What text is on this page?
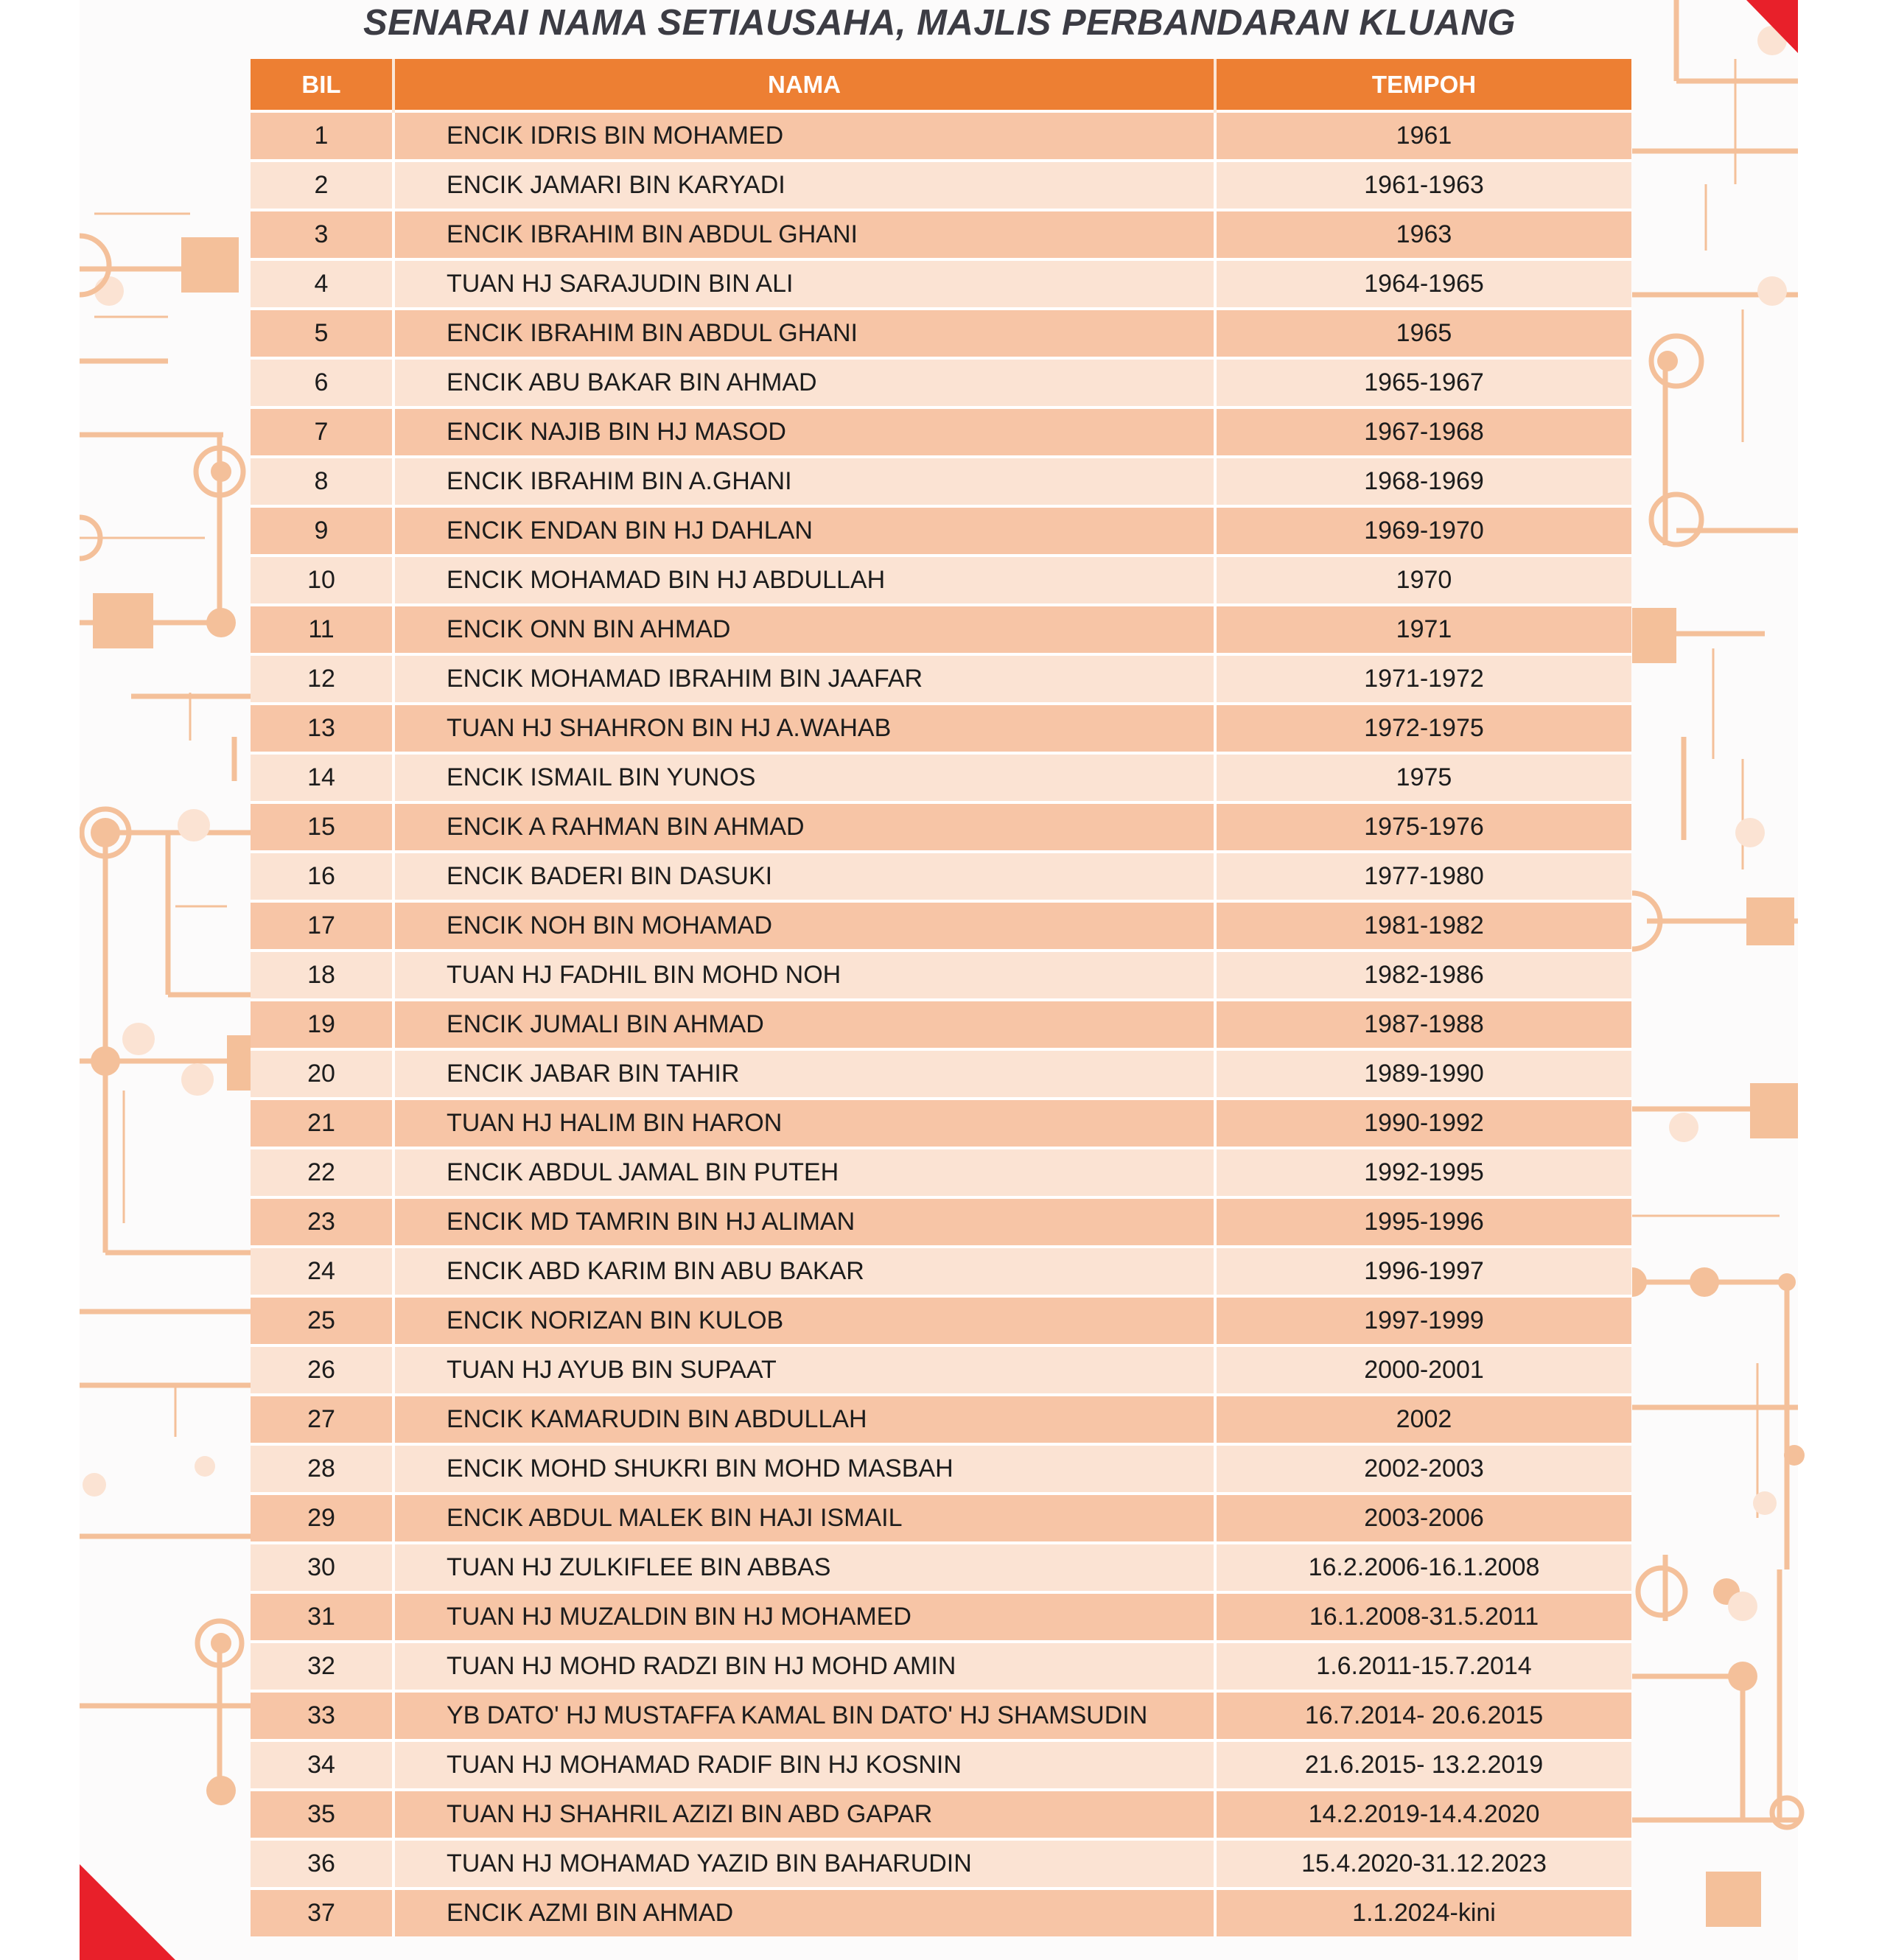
SENARAI NAMA SETIAUSAHA, MAJLIS PERBANDARAN KLUANG
BIL	NAMA	TEMPOH
1	ENCIK IDRIS BIN MOHAMED	1961
2	ENCIK JAMARI BIN KARYADI	1961-1963
3	ENCIK IBRAHIM BIN ABDUL GHANI	1963
4	TUAN HJ SARAJUDIN BIN ALI	1964-1965
5	ENCIK IBRAHIM BIN ABDUL GHANI	1965
6	ENCIK ABU BAKAR BIN AHMAD	1965-1967
7	ENCIK NAJIB BIN HJ MASOD	1967-1968
8	ENCIK IBRAHIM BIN A.GHANI	1968-1969
9	ENCIK ENDAN BIN HJ DAHLAN	1969-1970
10	ENCIK MOHAMAD BIN HJ ABDULLAH	1970
11	ENCIK ONN BIN AHMAD	1971
12	ENCIK MOHAMAD IBRAHIM BIN JAAFAR	1971-1972
13	TUAN HJ SHAHRON BIN HJ A.WAHAB	1972-1975
14	ENCIK ISMAIL BIN YUNOS	1975
15	ENCIK A RAHMAN BIN AHMAD	1975-1976
16	ENCIK BADERI BIN DASUKI	1977-1980
17	ENCIK NOH BIN MOHAMAD	1981-1982
18	TUAN HJ FADHIL BIN MOHD NOH	1982-1986
19	ENCIK JUMALI BIN AHMAD	1987-1988
20	ENCIK JABAR BIN TAHIR	1989-1990
21	TUAN HJ HALIM BIN HARON	1990-1992
22	ENCIK ABDUL JAMAL BIN PUTEH	1992-1995
23	ENCIK MD TAMRIN BIN HJ ALIMAN	1995-1996
24	ENCIK ABD KARIM BIN ABU BAKAR	1996-1997
25	ENCIK NORIZAN BIN KULOB	1997-1999
26	TUAN HJ AYUB BIN SUPAAT	2000-2001
27	ENCIK KAMARUDIN BIN ABDULLAH	2002
28	ENCIK MOHD SHUKRI BIN MOHD MASBAH	2002-2003
29	ENCIK ABDUL MALEK BIN HAJI ISMAIL	2003-2006
30	TUAN HJ ZULKIFLEE BIN ABBAS	16.2.2006-16.1.2008
31	TUAN HJ MUZALDIN BIN HJ MOHAMED	16.1.2008-31.5.2011
32	TUAN HJ MOHD RADZI BIN HJ MOHD AMIN	1.6.2011-15.7.2014
33	YB DATO' HJ MUSTAFFA KAMAL BIN DATO' HJ SHAMSUDIN	16.7.2014- 20.6.2015
34	TUAN HJ MOHAMAD RADIF BIN HJ KOSNIN	21.6.2015- 13.2.2019
35	TUAN HJ SHAHRIL AZIZI BIN ABD GAPAR	14.2.2019-14.4.2020
36	TUAN HJ MOHAMAD YAZID BIN BAHARUDIN	15.4.2020-31.12.2023
37	ENCIK AZMI BIN AHMAD	1.1.2024-kini
